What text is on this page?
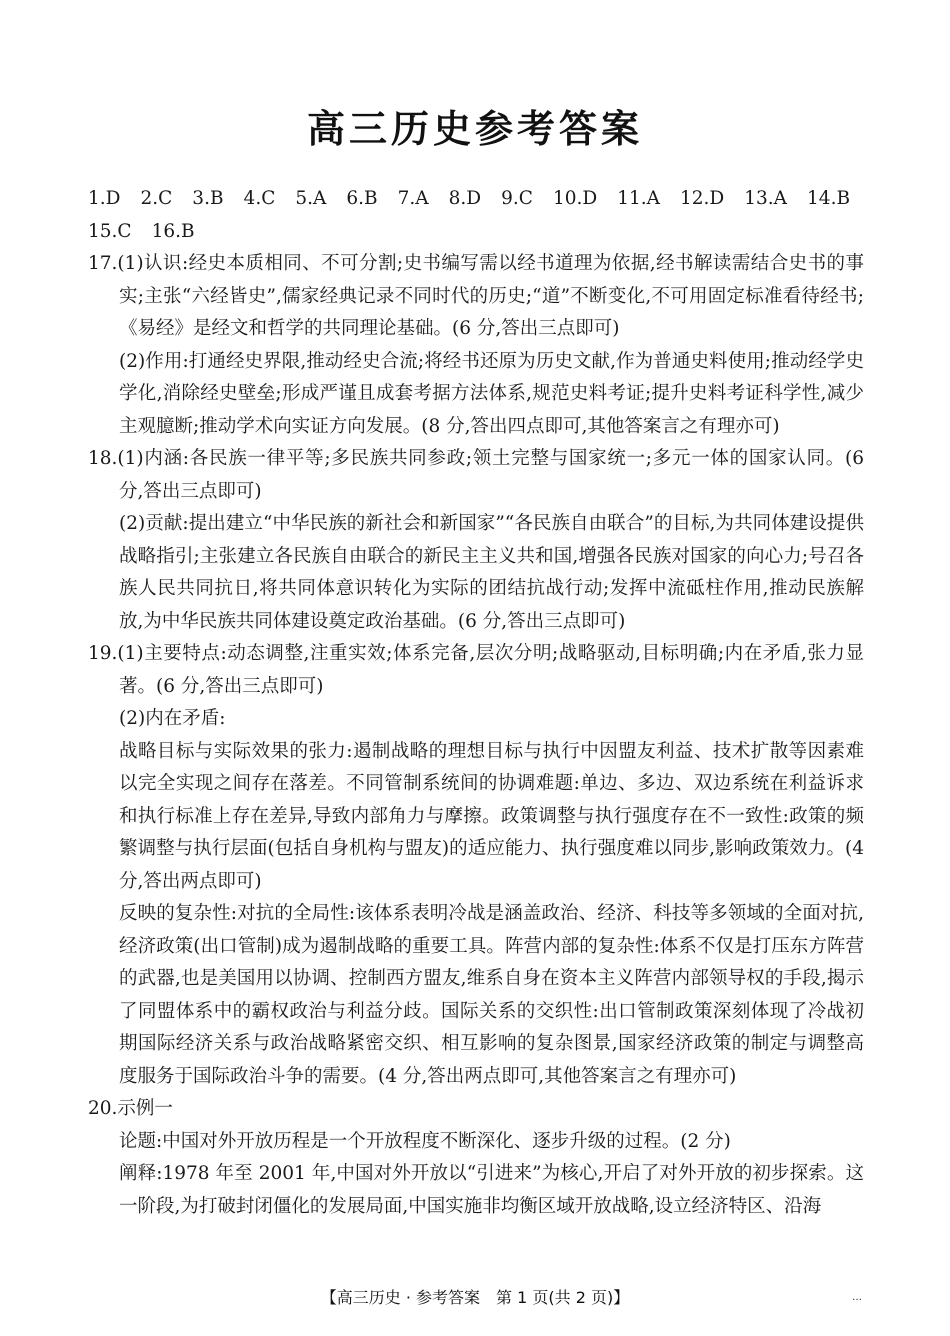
高三历史参考答案
1.D 2.C 3.B 4.C 5.A 6.B 7.A 8.D 9.C 10.D 11.A 12.D 13.A 14.B
15.C 16.B

17.(1)认识:经史本质相同、不可分割;史书编写需以经书道理为依据,经书解读需结合史书的事实;主张“六经皆史”,儒家经典记录不同时代的历史;“道”不断变化,不可用固定标准看待经书;《易经》是经文和哲学的共同理论基础。(6 分,答出三点即可)

(2)作用:打通经史界限,推动经史合流;将经书还原为历史文献,作为普通史料使用;推动经学史学化,消除经史壁垒;形成严谨且成套考据方法体系,规范史料考证;提升史料考证科学性,减少主观臆断;推动学术向实证方向发展。(8 分,答出四点即可,其他答案言之有理亦可)

18.(1)内涵:各民族一律平等;多民族共同参政;领土完整与国家统一;多元一体的国家认同。(6 分,答出三点即可)

(2)贡献:提出建立“中华民族的新社会和新国家”“各民族自由联合”的目标,为共同体建设提供战略指引;主张建立各民族自由联合的新民主主义共和国,增强各民族对国家的向心力;号召各族人民共同抗日,将共同体意识转化为实际的团结抗战行动;发挥中流砥柱作用,推动民族解放,为中华民族共同体建设奠定政治基础。(6 分,答出三点即可)

19.(1)主要特点:动态调整,注重实效;体系完备,层次分明;战略驱动,目标明确;内在矛盾,张力显著。(6 分,答出三点即可)

(2)内在矛盾:

战略目标与实际效果的张力:遏制战略的理想目标与执行中因盟友利益、技术扩散等因素难以完全实现之间存在落差。不同管制系统间的协调难题:单边、多边、双边系统在利益诉求和执行标准上存在差异,导致内部角力与摩擦。政策调整与执行强度存在不一致性:政策的频繁调整与执行层面(包括自身机构与盟友)的适应能力、执行强度难以同步,影响政策效力。(4 分,答出两点即可)

反映的复杂性:对抗的全局性:该体系表明冷战是涵盖政治、经济、科技等多领域的全面对抗,经济政策(出口管制)成为遏制战略的重要工具。阵营内部的复杂性:体系不仅是打压东方阵营的武器,也是美国用以协调、控制西方盟友,维系自身在资本主义阵营内部领导权的手段,揭示了同盟体系中的霸权政治与利益分歧。国际关系的交织性:出口管制政策深刻体现了冷战初期国际经济关系与政治战略紧密交织、相互影响的复杂图景,国家经济政策的制定与调整高度服务于国际政治斗争的需要。(4 分,答出两点即可,其他答案言之有理亦可)

20.示例一

论题:中国对外开放历程是一个开放程度不断深化、逐步升级的过程。(2 分)

阐释:1978 年至 2001 年,中国对外开放以“引进来”为核心,开启了对外开放的初步探索。这一阶段,为打破封闭僵化的发展局面,中国实施非均衡区域开放战略,设立经济特区、沿海

【高三历史 · 参考答案　第 1 页(共 2 页)】	…
